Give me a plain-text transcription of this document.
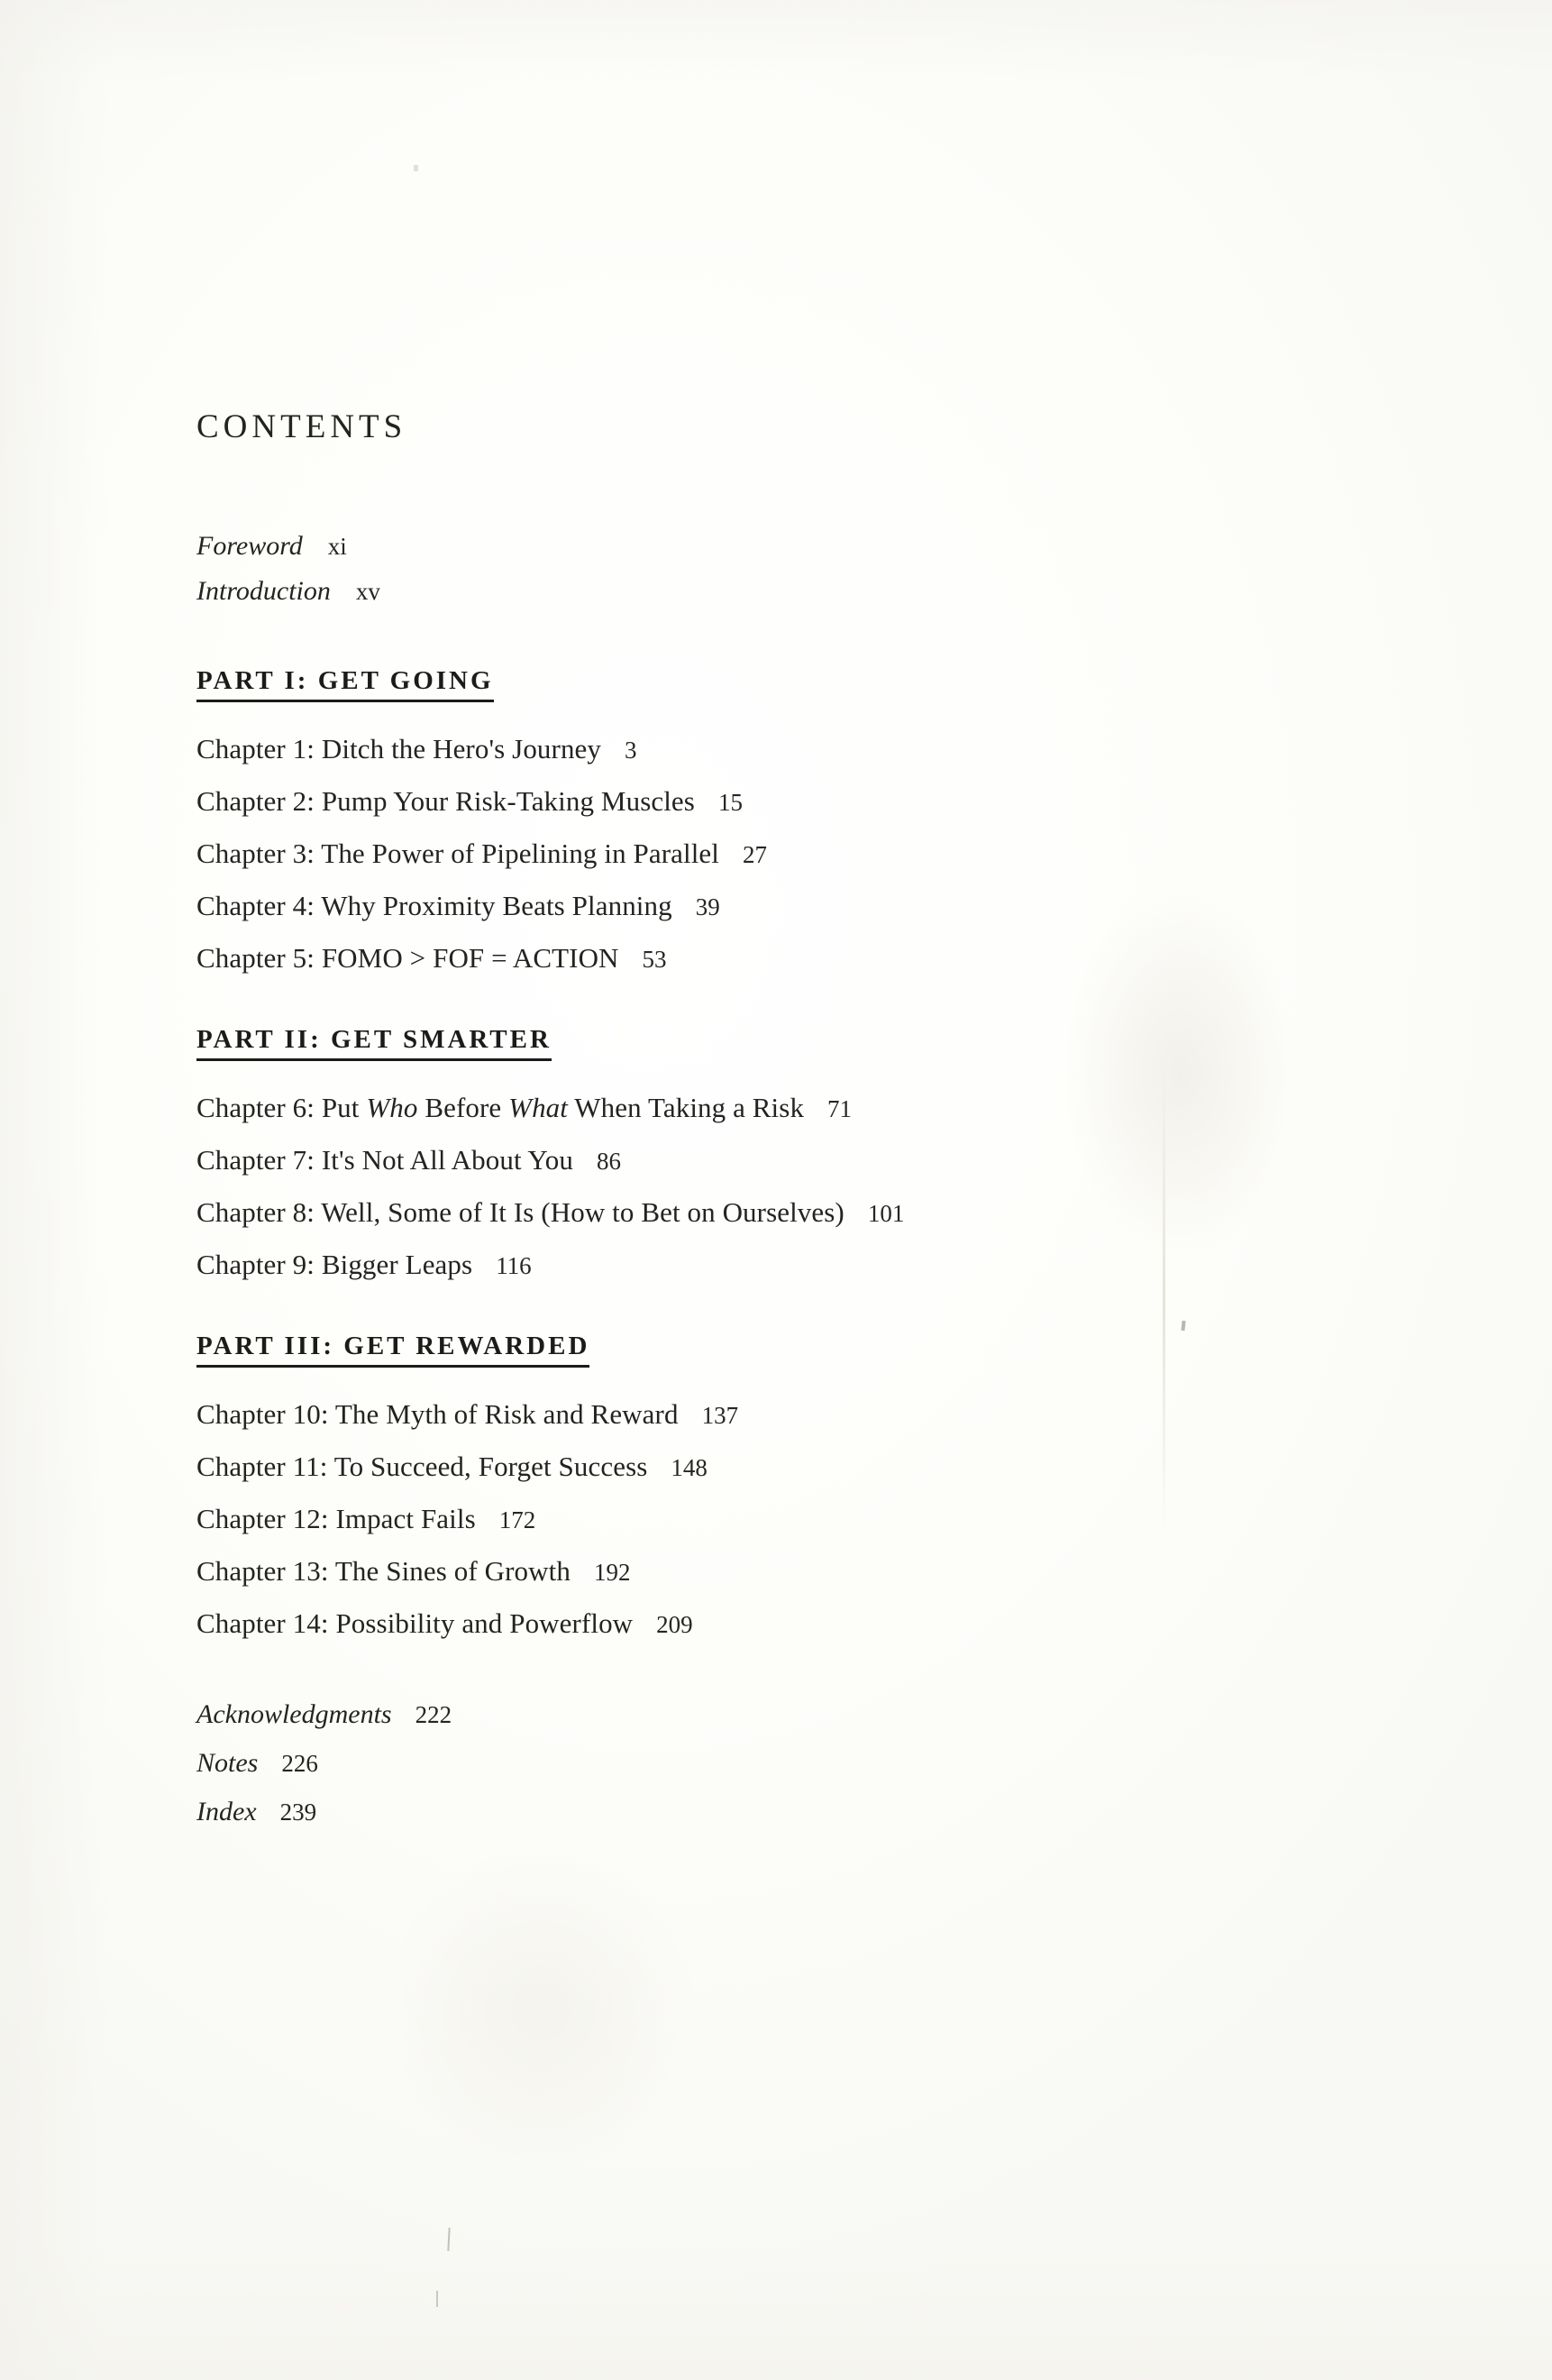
CONTENTS
Foreword xi
Introduction xv
PART I: GET GOING
Chapter 1: Ditch the Hero's Journey 3
Chapter 2: Pump Your Risk-Taking Muscles 15
Chapter 3: The Power of Pipelining in Parallel 27
Chapter 4: Why Proximity Beats Planning 39
Chapter 5: FOMO > FOF = ACTION 53
PART II: GET SMARTER
Chapter 6: Put Who Before What When Taking a Risk 71
Chapter 7: It's Not All About You 86
Chapter 8: Well, Some of It Is (How to Bet on Ourselves) 101
Chapter 9: Bigger Leaps 116
PART III: GET REWARDED
Chapter 10: The Myth of Risk and Reward 137
Chapter 11: To Succeed, Forget Success 148
Chapter 12: Impact Fails 172
Chapter 13: The Sines of Growth 192
Chapter 14: Possibility and Powerflow 209
Acknowledgments 222
Notes 226
Index 239
